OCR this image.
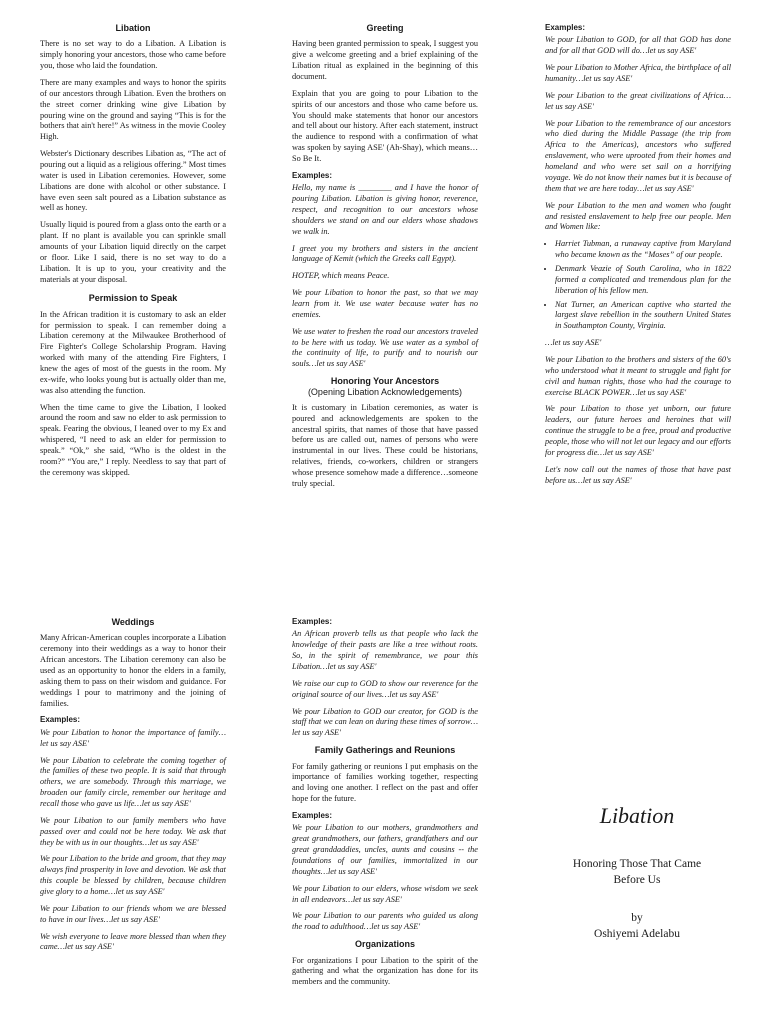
Libation

There is no set way to do a Libation. A Libation is simply honoring your ancestors, those who came before you, those who laid the foundation.

There are many examples and ways to honor the spirits of our ancestors through Libation. Even the brothers on the street corner drinking wine give Libation by pouring wine on the ground and saying “This is for the bothers that ain't here!” As witness in the movie Cooley High.

Webster's Dictionary describes Libation as, “The act of pouring out a liquid as a religious offering.” Most times water is used in Libation ceremonies. However, some Libations are done with alcohol or other substance. I have even seen salt poured as a Libation substance as well as honey.

Usually liquid is poured from a glass onto the earth or a plant. If no plant is available you can sprinkle small amounts of your Libation liquid directly on the carpet or floor. Like I said, there is no set way to do a Libation. It is up to you, your creativity and the materials at your disposal.

Permission to Speak

In the African tradition it is customary to ask an elder for permission to speak. I can remember doing a Libation ceremony at the Milwaukee Brotherhood of Fire Fighter's College Scholarship Program. Having worked with many of the attending Fire Fighters, I knew the ages of most of the guests in the room. My ex-wife, who looks young but is actually older than me, was also attending the function.

When the time came to give the Libation, I looked around the room and saw no elder to ask permission to speak. Fearing the obvious, I leaned over to my Ex and whispered, “I need to ask an elder for permission to speak.” “Ok,” she said, “Who is the oldest in the room?” “You are,” I reply. Needless to say that part of the ceremony was skipped.

Greeting

Having been granted permission to speak, I suggest you give a welcome greeting and a brief explaining of the Libation ritual as explained in the beginning of this document.

Explain that you are going to pour Libation to the spirits of our ancestors and those who came before us. You should make statements that honor our ancestors and tell about our history. After each statement, instruct the audience to respond with a confirmation of what was spoken by saying ASE' (Ah-Shay), which means…So Be It.

Examples:

Hello, my name is ________ and I have the honor of pouring Libation. Libation is giving honor, reverence, respect, and recognition to our ancestors whose shoulders we stand on and our elders whose shadows we walk in.

I greet you my brothers and sisters in the ancient language of Kemit (which the Greeks call Egypt).

HOTEP, which means Peace.

We pour Libation to honor the past, so that we may learn from it. We use water because water has no enemies.

We use water to freshen the road our ancestors traveled to be here with us today. We use water as a symbol of the continuity of life, to purify and to nourish our souls…let us say ASE'

Honoring Your Ancestors
(Opening Libation Acknowledgements)

It is customary in Libation ceremonies, as water is poured and acknowledgements are spoken to the ancestral spirits, that names of those that have passed before us are called out, names of persons who were instrumental in our lives. These could be historians, relatives, friends, co-workers, children or strangers whose presence somehow made a difference…someone truly special.

Examples:

We pour Libation to GOD, for all that GOD has done and for all that GOD will do…let us say ASE'

We pour Libation to Mother Africa, the birthplace of all humanity…let us say ASE'

We pour Libation to the great civilizations of Africa…let us say ASE'

We pour Libation to the remembrance of our ancestors who died during the Middle Passage (the trip from Africa to the Americas), ancestors who suffered enslavement, who were uprooted from their homes and homeland and who were set sail on a horrifying voyage. We do not know their names but it is because of them that we are here today…let us say ASE'

We pour Libation to the men and women who fought and resisted enslavement to help free our people. Men and Women like:

• Harriet Tubman, a runaway captive from Maryland who became known as the “Moses” of our people.
• Denmark Veazie of South Carolina, who in 1822 formed a complicated and tremendous plan for the liberation of his fellow men.
• Nat Turner, an American captive who started the largest slave rebellion in the southern United States in Southampton County, Virginia.

…let us say ASE'

We pour Libation to the brothers and sisters of the 60's who understood what it meant to struggle and fight for civil and human rights, those who had the courage to exercise BLACK POWER…let us say ASE'

We pour Libation to those yet unborn, our future leaders, our future heroes and heroines that will continue the struggle to be a free, proud and productive people, those who will not let our legacy and our efforts for progress die…let us say ASE'

Let's now call out the names of those that have past before us…let us say ASE'

Weddings

Many African-American couples incorporate a Libation ceremony into their weddings as a way to honor their African ancestors. The Libation ceremony can also be used as an opportunity to honor the elders in a family, asking them to pass on their wisdom and guidance. For weddings I pour to matrimony and the joining of families.

Examples:

We pour Libation to honor the importance of family…let us say ASE'

We pour Libation to celebrate the coming together of the families of these two people. It is said that through others, we are somebody. Through this marriage, we broaden our family circle, remember our heritage and recall those who gave us life…let us say ASE'

We pour Libation to our family members who have passed over and could not be here today. We ask that they be with us in our thoughts…let us say ASE'

We pour Libation to the bride and groom, that they may always find prosperity in love and devotion. We ask that this couple be blessed by children, because children give glory to a home…let us say ASE'

We pour Libation to our friends whom we are blessed to have in our lives…let us say ASE'

We wish everyone to leave more blessed than when they came…let us say ASE'

Examples:

An African proverb tells us that people who lack the knowledge of their pasts are like a tree without roots. So, in the spirit of remembrance, we pour this Libation…let us say ASE'

We raise our cup to GOD to show our reverence for the original source of our lives…let us say ASE'

We pour Libation to GOD our creator, for GOD is the staff that we can lean on during these times of sorrow…let us say ASE'

Family Gatherings and Reunions

For family gathering or reunions I put emphasis on the importance of families working together, respecting and loving one another. I reflect on the past and offer hope for the future.

Examples:

We pour Libation to our mothers, grandmothers and great grandmothers, our fathers, grandfathers and our great granddaddies, uncles, aunts and cousins -- the foundations of our families, immortalized in our thoughts…let us say ASE'

We pour Libation to our elders, whose wisdom we seek in all endeavors…let us say ASE'

We pour Libation to our parents who guided us along the road to adulthood…let us say ASE'

Organizations

For organizations I pour Libation to the spirit of the gathering and what the organization has done for its members and the community.

Libation
Honoring Those That Came
Before Us
by
Oshiyemi Adelabu
